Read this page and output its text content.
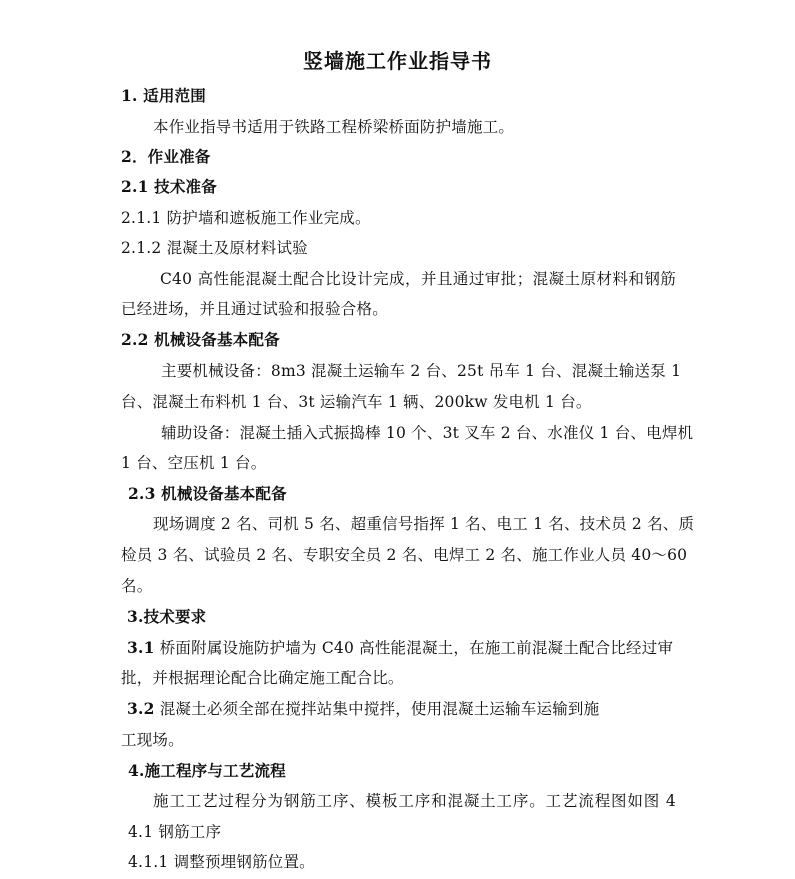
竖墙施工作业指导书
1. 适用范围
本作业指导书适用于铁路工程桥梁桥面防护墙施工。
2．作业准备
2.1 技术准备
2.1.1 防护墙和遮板施工作业完成。
2.1.2 混凝土及原材料试验
C40 高性能混凝土配合比设计完成，并且通过审批；混凝土原材料和钢筋
已经进场，并且通过试验和报验合格。
2.2 机械设备基本配备
主要机械设备：8m3 混凝土运输车 2 台、25t 吊车 1 台、混凝土输送泵 1
台、混凝土布料机 1 台、3t 运输汽车 1 辆、200kw 发电机 1 台。
辅助设备：混凝土插入式振捣棒 10 个、3t 叉车 2 台、水准仪 1 台、电焊机
1 台、空压机 1 台。
2.3 机械设备基本配备
现场调度 2 名、司机 5 名、超重信号指挥 1 名、电工 1 名、技术员 2 名、质
检员 3 名、试验员 2 名、专职安全员 2 名、电焊工 2 名、施工作业人员 40～60
名。
3.技术要求
3.1 桥面附属设施防护墙为 C40 高性能混凝土，在施工前混凝土配合比经过审
批，并根据理论配合比确定施工配合比。
3.2 混凝土必须全部在搅拌站集中搅拌，使用混凝土运输车运输到施
工现场。
4.施工程序与工艺流程
施工工艺过程分为钢筋工序、模板工序和混凝土工序。工艺流程图如图 4
4.1 钢筋工序
4.1.1 调整预埋钢筋位置。
